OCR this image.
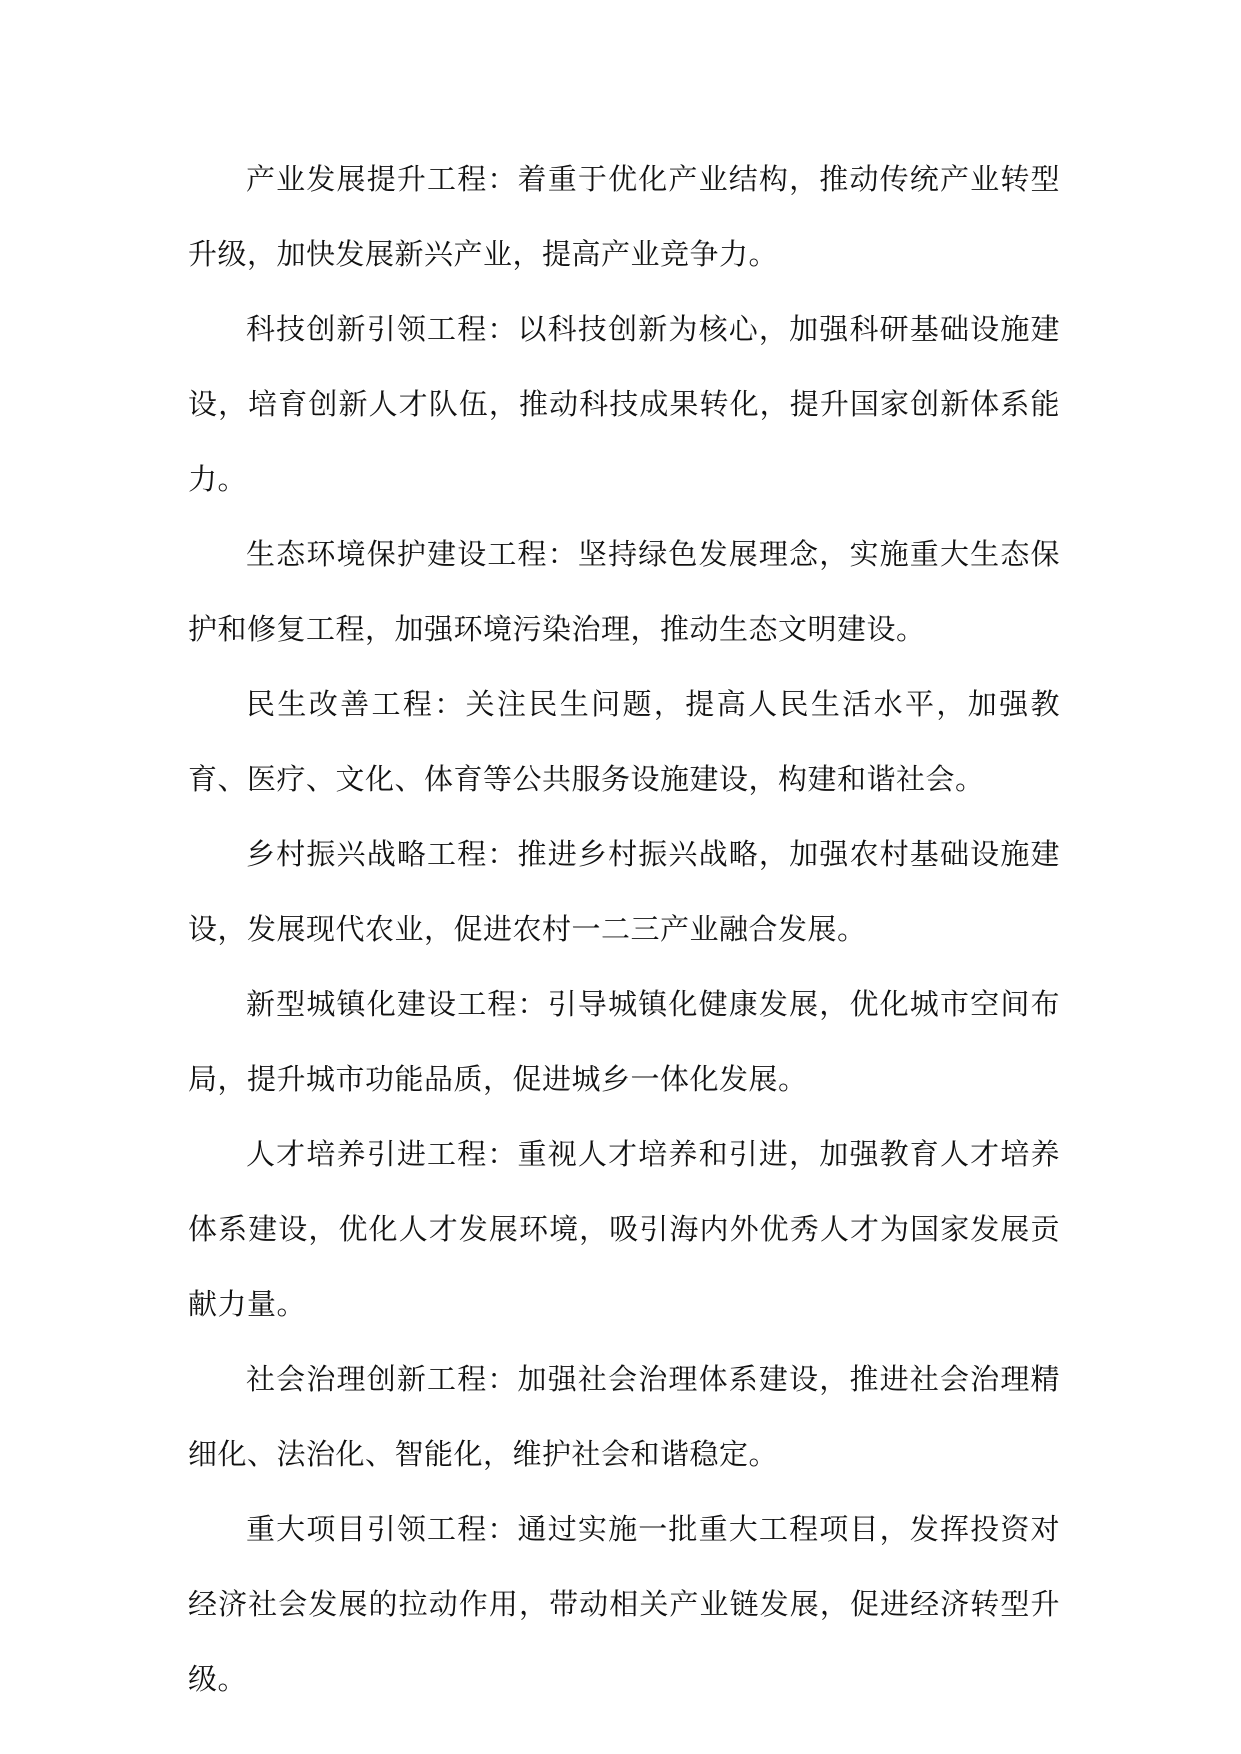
产业发展提升工程：着重于优化产业结构，推动传统产业转型升级，加快发展新兴产业，提高产业竞争力。

科技创新引领工程：以科技创新为核心，加强科研基础设施建设，培育创新人才队伍，推动科技成果转化，提升国家创新体系能力。

生态环境保护建设工程：坚持绿色发展理念，实施重大生态保护和修复工程，加强环境污染治理，推动生态文明建设。

民生改善工程：关注民生问题，提高人民生活水平，加强教育、医疗、文化、体育等公共服务设施建设，构建和谐社会。

乡村振兴战略工程：推进乡村振兴战略，加强农村基础设施建设，发展现代农业，促进农村一二三产业融合发展。

新型城镇化建设工程：引导城镇化健康发展，优化城市空间布局，提升城市功能品质，促进城乡一体化发展。

人才培养引进工程：重视人才培养和引进，加强教育人才培养体系建设，优化人才发展环境，吸引海内外优秀人才为国家发展贡献力量。

社会治理创新工程：加强社会治理体系建设，推进社会治理精细化、法治化、智能化，维护社会和谐稳定。

重大项目引领工程：通过实施一批重大工程项目，发挥投资对经济社会发展的拉动作用，带动相关产业链发展，促进经济转型升级。
